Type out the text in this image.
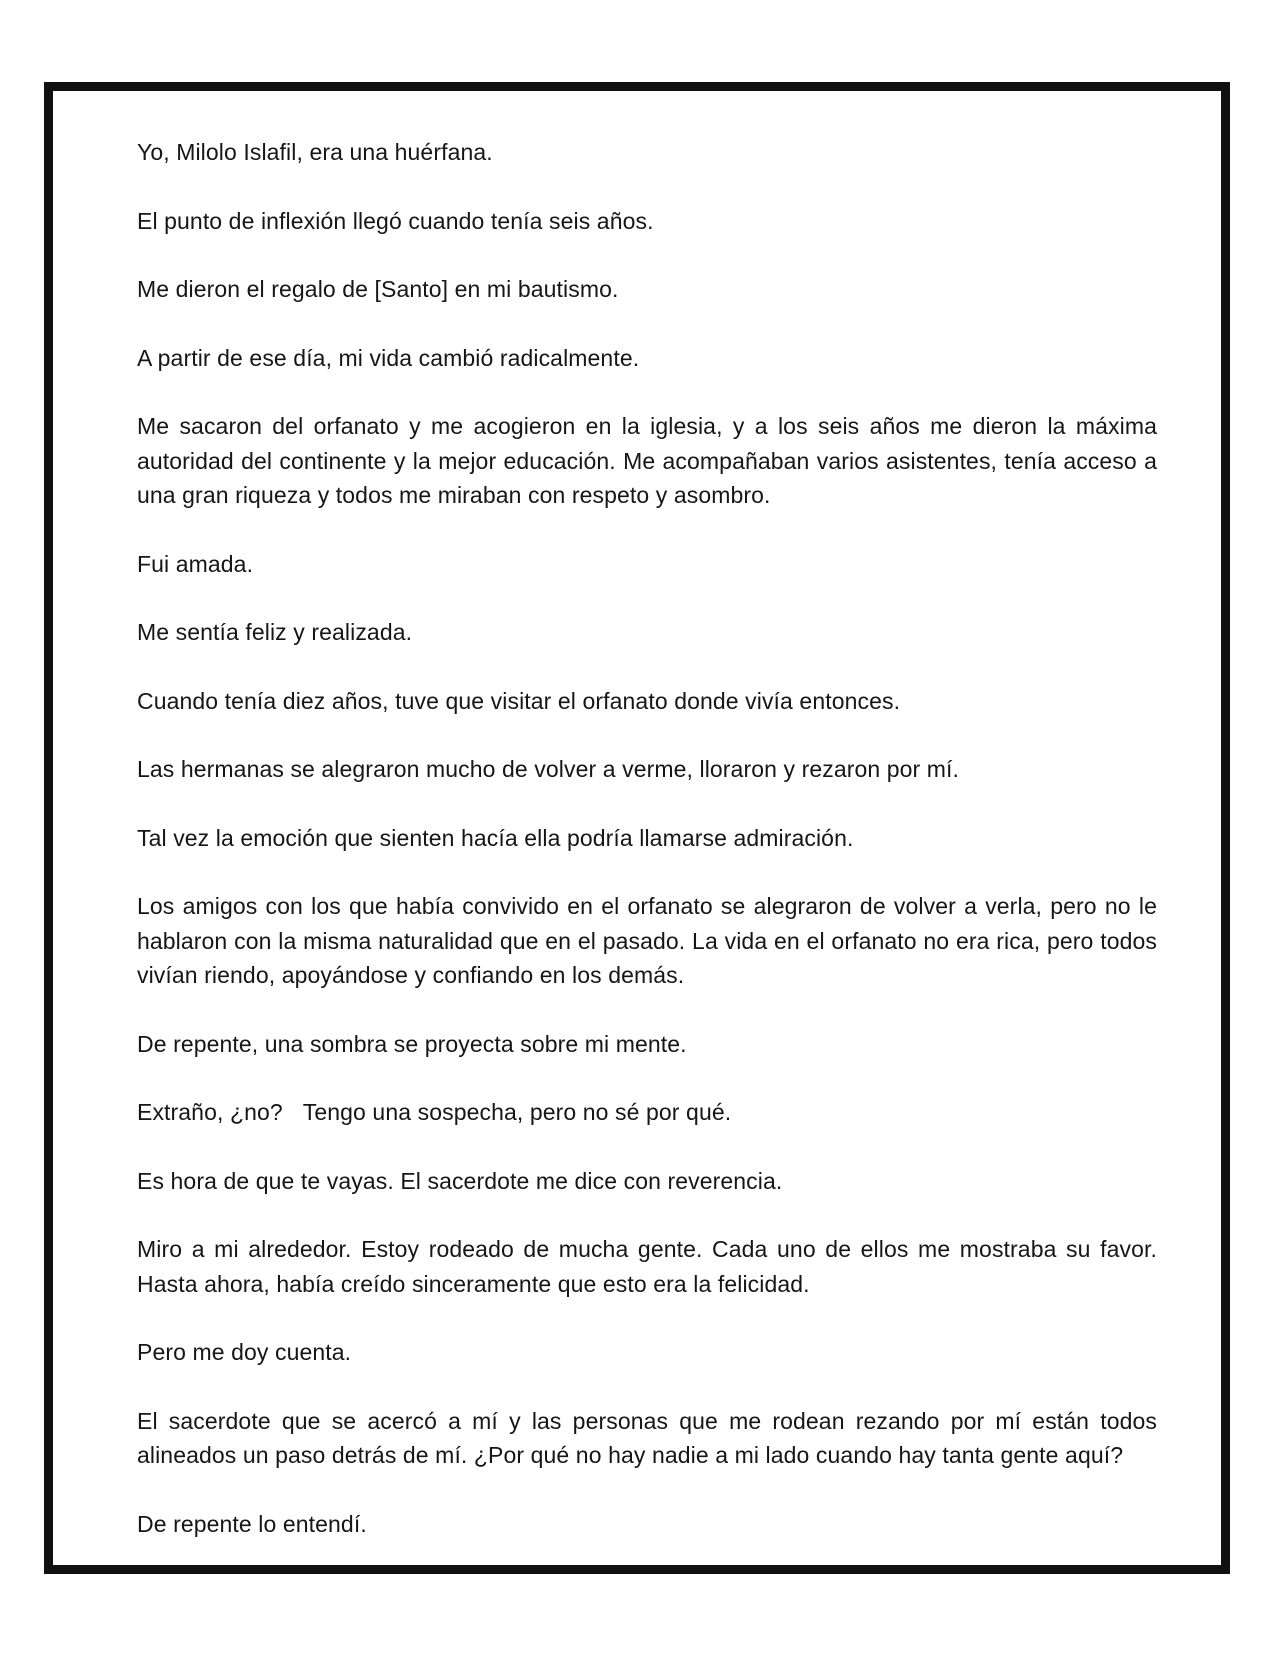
Yo, Milolo Islafil, era una huérfana.

El punto de inflexión llegó cuando tenía seis años.

Me dieron el regalo de [Santo] en mi bautismo.

A partir de ese día, mi vida cambió radicalmente.

Me sacaron del orfanato y me acogieron en la iglesia, y a los seis años me dieron la máxima autoridad del continente y la mejor educación. Me acompañaban varios asistentes, tenía acceso a una gran riqueza y todos me miraban con respeto y asombro.

Fui amada.

Me sentía feliz y realizada.

Cuando tenía diez años, tuve que visitar el orfanato donde vivía entonces.

Las hermanas se alegraron mucho de volver a verme, lloraron y rezaron por mí.

Tal vez la emoción que sienten hacía ella podría llamarse admiración.

Los amigos con los que había convivido en el orfanato se alegraron de volver a verla, pero no le hablaron con la misma naturalidad que en el pasado. La vida en el orfanato no era rica, pero todos vivían riendo, apoyándose y confiando en los demás.

De repente, una sombra se proyecta sobre mi mente.

Extraño, ¿no? Tengo una sospecha, pero no sé por qué.

Es hora de que te vayas. El sacerdote me dice con reverencia.

Miro a mi alrededor. Estoy rodeado de mucha gente. Cada uno de ellos me mostraba su favor. Hasta ahora, había creído sinceramente que esto era la felicidad.

Pero me doy cuenta.

El sacerdote que se acercó a mí y las personas que me rodean rezando por mí están todos alineados un paso detrás de mí. ¿Por qué no hay nadie a mi lado cuando hay tanta gente aquí?

De repente lo entendí.
